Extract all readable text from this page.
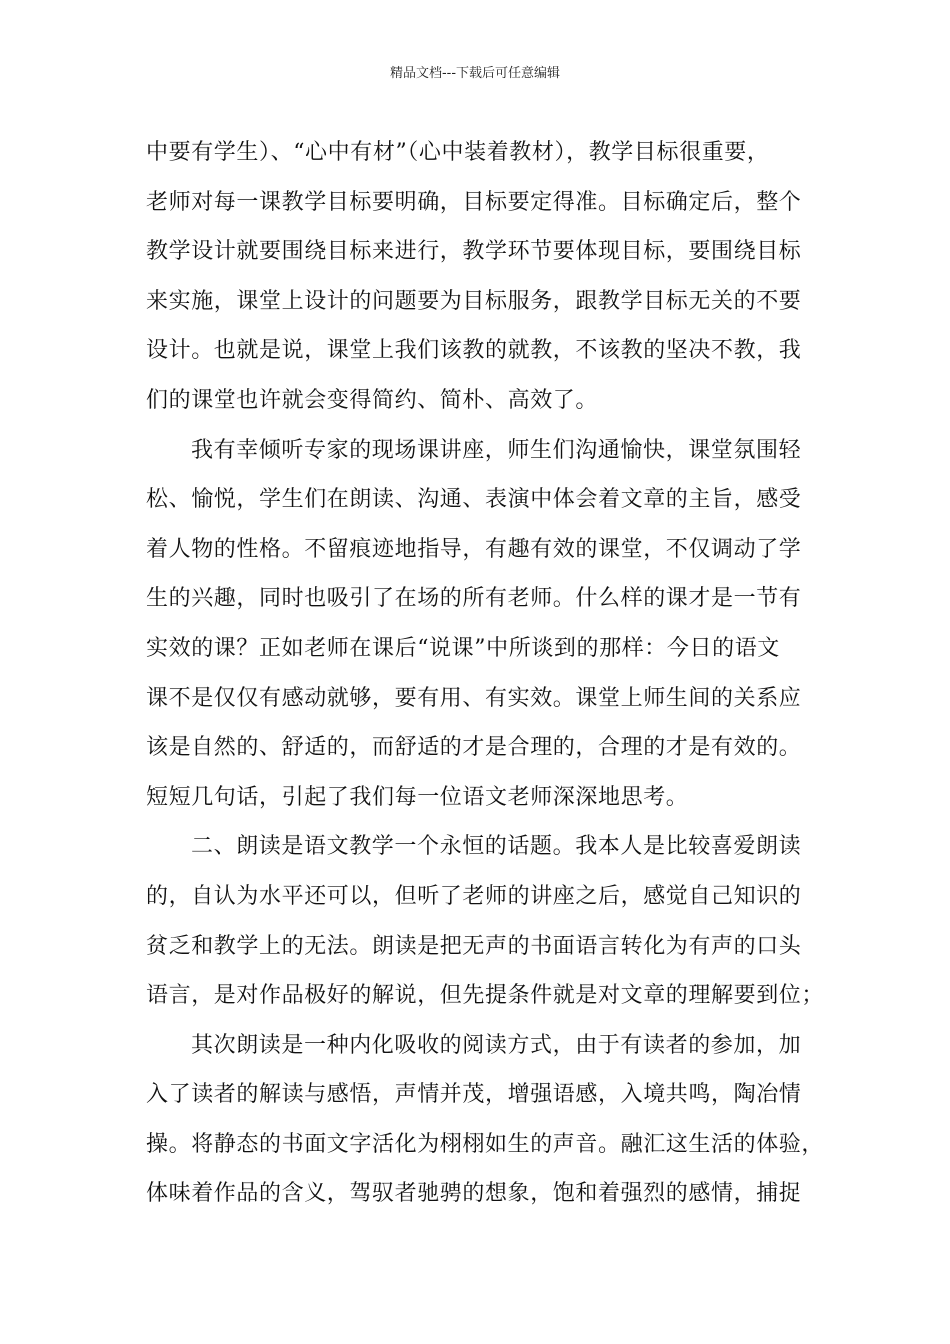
精品文档---下载后可任意编辑
中要有学生）、“心中有材”（心中装着教材），教学目标很重要，
老师对每一课教学目标要明确，目标要定得准。目标确定后，整个
教学设计就要围绕目标来进行，教学环节要体现目标，要围绕目标
来实施，课堂上设计的问题要为目标服务，跟教学目标无关的不要
设计。也就是说，课堂上我们该教的就教，不该教的坚决不教，我
们的课堂也许就会变得简约、简朴、高效了。
我有幸倾听专家的现场课讲座，师生们沟通愉快，课堂氛围轻
松、愉悦，学生们在朗读、沟通、表演中体会着文章的主旨，感受
着人物的性格。不留痕迹地指导，有趣有效的课堂，不仅调动了学
生的兴趣，同时也吸引了在场的所有老师。什么样的课才是一节有
实效的课？正如老师在课后“说课”中所谈到的那样：今日的语文
课不是仅仅有感动就够，要有用、有实效。课堂上师生间的关系应
该是自然的、舒适的，而舒适的才是合理的，合理的才是有效的。
短短几句话，引起了我们每一位语文老师深深地思考。
二、朗读是语文教学一个永恒的话题。我本人是比较喜爱朗读
的，自认为水平还可以，但听了老师的讲座之后，感觉自己知识的
贫乏和教学上的无法。朗读是把无声的书面语言转化为有声的口头
语言，是对作品极好的解说，但先提条件就是对文章的理解要到位；
其次朗读是一种内化吸收的阅读方式，由于有读者的参加，加
入了读者的解读与感悟，声情并茂，增强语感，入境共鸣，陶冶情
操。将静态的书面文字活化为栩栩如生的声音。融汇这生活的体验，
体味着作品的含义，驾驭者驰骋的想象，饱和着强烈的感情，捕捉
